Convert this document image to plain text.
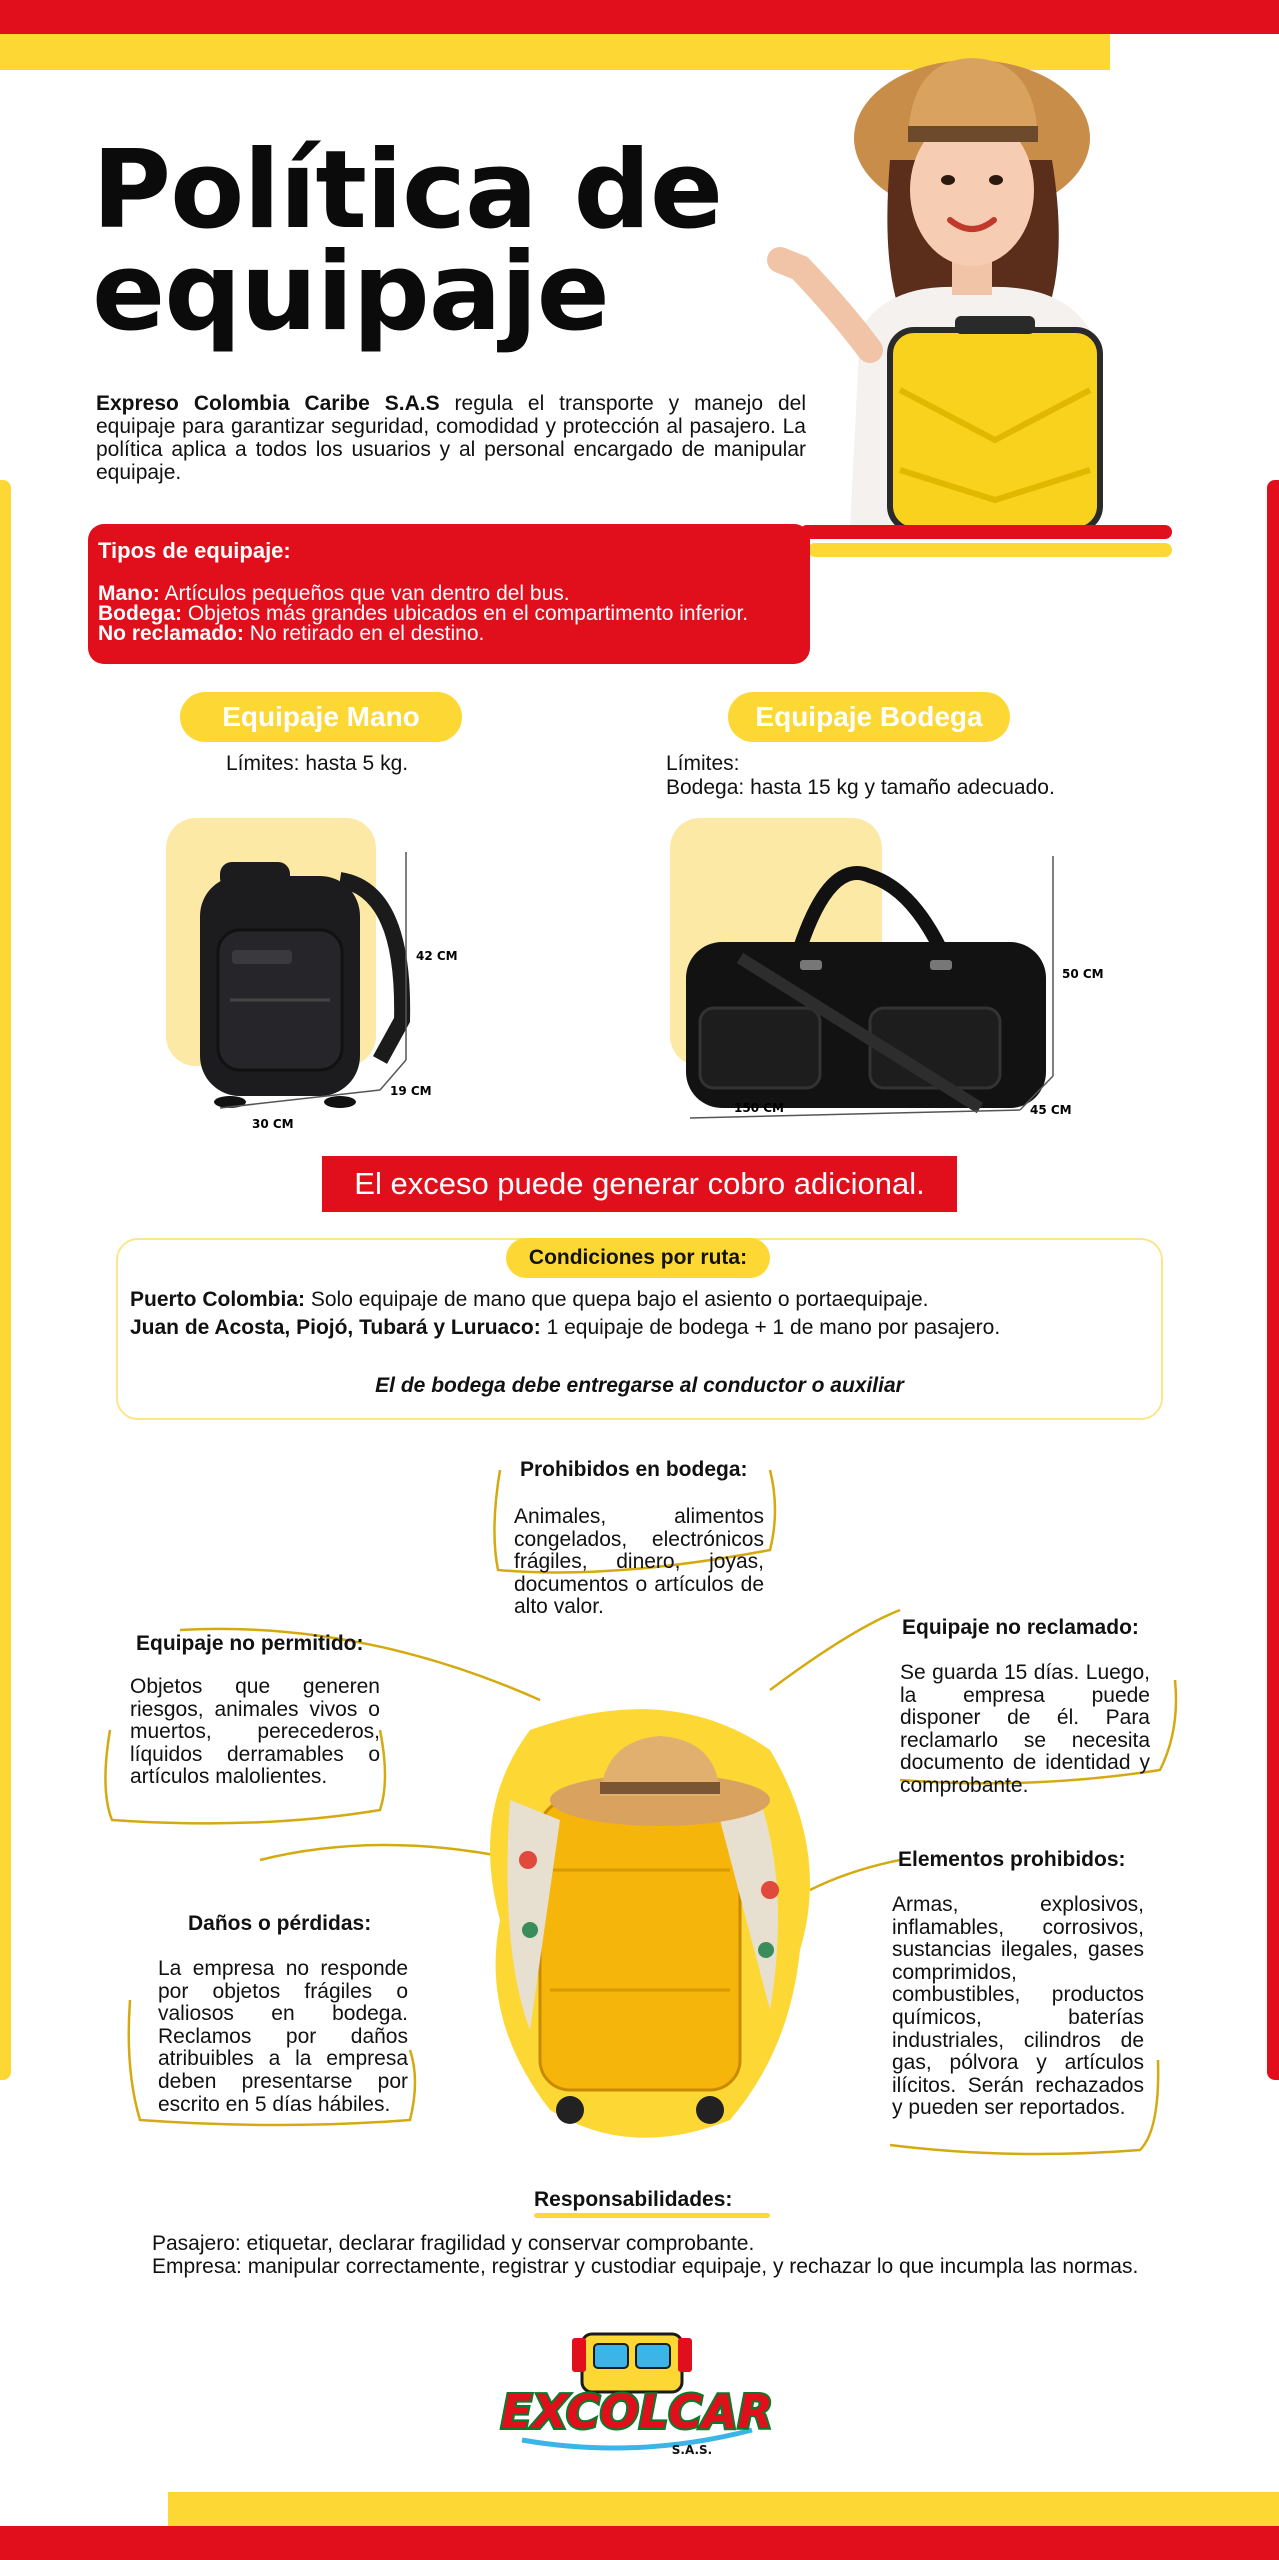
Política de
equipaje
Expreso Colombia Caribe S.A.S regula el transporte y manejo del equipaje para garantizar seguridad, comodidad y protección al pasajero. La política aplica a todos los usuarios y al personal encargado de manipular equipaje.
Tipos de equipaje:
Mano: Artículos pequeños que van dentro del bus.
Bodega: Objetos más grandes ubicados en el compartimento inferior.
No reclamado: No retirado en el destino.
Equipaje Mano	Equipaje Bodega
Límites: hasta 5 kg.	Límites:
Bodega: hasta 15 kg y tamaño adecuado.
42 CM
19 CM
30 CM
50 CM
45 CM
150 CM
El exceso puede generar cobro adicional.
Condiciones por ruta:
Puerto Colombia: Solo equipaje de mano que quepa bajo el asiento o portaequipaje.
Juan de Acosta, Piojó, Tubará y Luruaco: 1 equipaje de bodega + 1 de mano por pasajero.
El de bodega debe entregarse al conductor o auxiliar
Prohibidos en bodega:
Animales, alimentos congelados, electrónicos frágiles, dinero, joyas, documentos o artículos de alto valor.
Equipaje no permitido:
Objetos que generen riesgos, animales vivos o muertos, perecederos, líquidos derramables o artículos malolientes.
Equipaje no reclamado:
Se guarda 15 días. Luego, la empresa puede disponer de él. Para reclamarlo se necesita documento de identidad y comprobante.
Elementos prohibidos:
Armas, explosivos, inflamables, corrosivos, sustancias ilegales, gases comprimidos, combustibles, productos químicos, baterías industriales, cilindros de gas, pólvora y artículos ilícitos. Serán rechazados y pueden ser reportados.
Daños o pérdidas:
La empresa no responde por objetos frágiles o valiosos en bodega. Reclamos por daños atribuibles a la empresa deben presentarse por escrito en 5 días hábiles.
Responsabilidades:
Pasajero: etiquetar, declarar fragilidad y conservar comprobante.
Empresa: manipular correctamente, registrar y custodiar equipaje, y rechazar lo que incumpla las normas.
EXCOLCAR
S.A.S.
